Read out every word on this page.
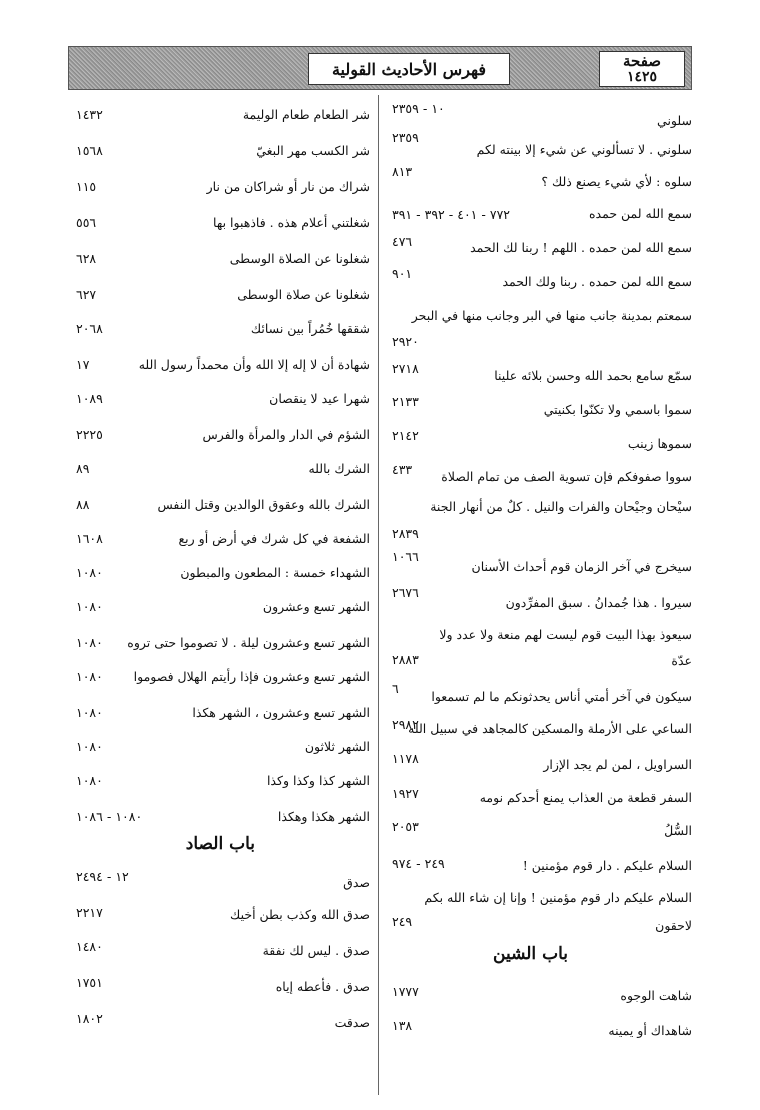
فهرس الأحاديث القولية	صفحة
١٤٢٥
سلوني
١٠ - ٢٣٥٩
سلوني . لا تسألوني عن شيء إلا بينته لكم
٢٣٥٩
سلوه : لأي شيء يصنع ذلك ؟
٨١٣
سمع الله لمن حمده
٧٧٢ - ٤٠١ - ٣٩٢ - ٣٩١
سمع الله لمن حمده . اللهم ! ربنا لك الحمد
٤٧٦
سمع الله لمن حمده . ربنا ولك الحمد
٩٠١
سمعتم بمدينة جانب منها في البر وجانب منها في البحر
٢٩٢٠
سمّع سامع بحمد الله وحسن بلائه علينا
٢٧١٨
سموا باسمي ولا تكنّوا بكنيتي
٢١٣٣
سموها زينب
٢١٤٢
سووا صفوفكم فإن تسوية الصف من تمام الصلاة
٤٣٣
سيْحان وجيْحان والفرات والنيل . كلٌ من أنهار الجنة
٢٨٣٩
سيخرج في آخر الزمان قوم أحداث الأسنان
١٠٦٦
سيروا . هذا جُمدانُ . سبق المفرِّدون
٢٦٧٦
سيعوذ بهذا البيت قوم ليست لهم منعة ولا عدد ولا
عدّة
٢٨٨٣
سيكون في آخر أمتي أناس يحدثونكم ما لم تسمعوا
٦
الساعي على الأرملة والمسكين كالمجاهد في سبيل الله
٢٩٨٢
السراويل ، لمن لم يجد الإزار
١١٧٨
السفر قطعة من العذاب يمنع أحدكم نومه
١٩٢٧
السُّلُ
٢٠٥٣
السلام عليكم . دار قوم مؤمنين !
٢٤٩ - ٩٧٤
السلام عليكم دار قوم مؤمنين ! وإنا إن شاء الله بكم
لاحقون
٢٤٩
شاهت الوجوه
١٧٧٧
شاهداك أو يمينه
١٣٨
باب الشين
شر الطعام طعام الوليمة
١٤٣٢
شر الكسب مهر البغيّ
١٥٦٨
شراك من نار أو شراكان من نار
١١٥
شغلتني أعلام هذه . فاذهبوا بها
٥٥٦
شغلونا عن الصلاة الوسطى
٦٢٨
شغلونا عن صلاة الوسطى
٦٢٧
شققها خُمُراً بين نسائك
٢٠٦٨
شهادة أن لا إله إلا الله وأن محمداً رسول الله
١٧
شهرا عيد لا ينقصان
١٠٨٩
الشؤم في الدار والمرأة والفرس
٢٢٢٥
الشرك بالله
٨٩
الشرك بالله وعقوق الوالدين وقتل النفس
٨٨
الشفعة في كل شرك في أرض أو ربع
١٦٠٨
الشهداء خمسة : المطعون والمبطون
١٠٨٠
الشهر تسع وعشرون
١٠٨٠
الشهر تسع وعشرون ليلة . لا تصوموا حتى تروه
١٠٨٠
الشهر تسع وعشرون فإذا رأيتم الهلال فصوموا
١٠٨٠
الشهر تسع وعشرون ، الشهر هكذا
١٠٨٠
الشهر ثلاثون
١٠٨٠
الشهر كذا وكذا وكذا
١٠٨٠
الشهر هكذا وهكذا
١٠٨٠ - ١٠٨٦
صدق
١٢ - ٢٤٩٤
صدق الله وكذب بطن أخيك
٢٢١٧
صدق . ليس لك نفقة
١٤٨٠
صدق . فأعطه إياه
١٧٥١
صدقت
١٨٠٢
باب الصاد
